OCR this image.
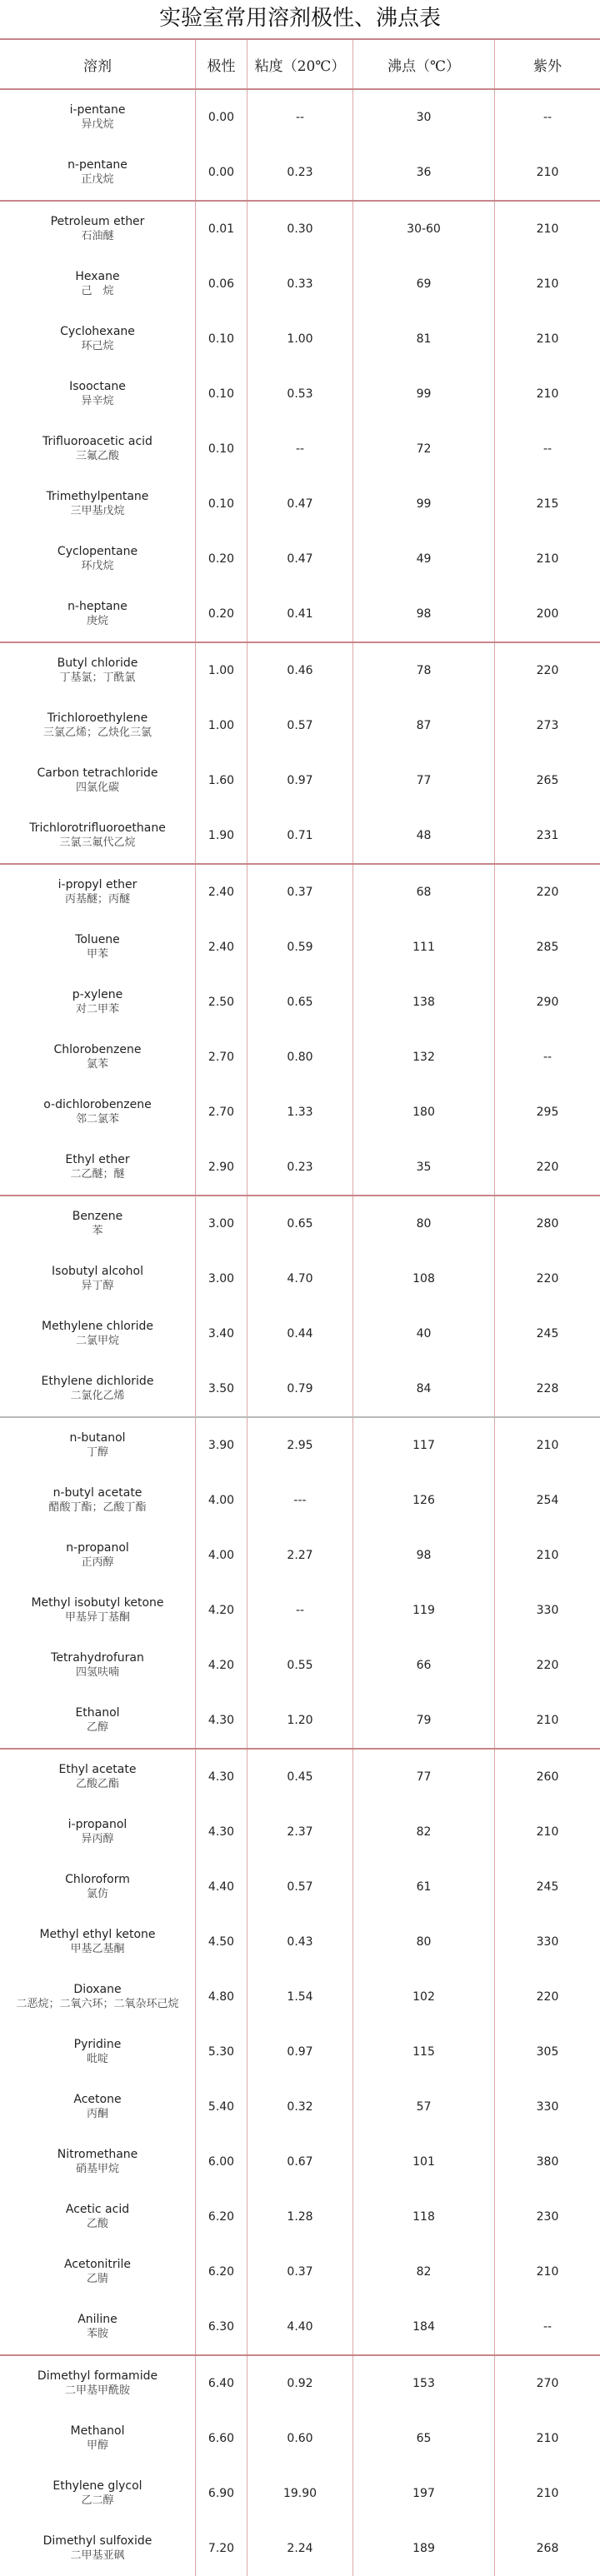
实验室常用溶剂极性、沸点表
溶剂	极性	粘度（20℃）	沸点（℃）	紫外
i-pentane
异戊烷
0.00	--	30	--
n-pentane
正戊烷
0.00	0.23	36	210
Petroleum ether
石油醚
0.01	0.30	30-60	210
Hexane
己　烷
0.06	0.33	69	210
Cyclohexane
环己烷
0.10	1.00	81	210
Isooctane
异辛烷
0.10	0.53	99	210
Trifluoroacetic acid
三氟乙酸
0.10	--	72	--
Trimethylpentane
三甲基戊烷
0.10	0.47	99	215
Cyclopentane
环戊烷
0.20	0.47	49	210
n-heptane
庚烷
0.20	0.41	98	200
Butyl chloride
丁基氯；丁酰氯
1.00	0.46	78	220
Trichloroethylene
三氯乙烯；乙炔化三氯
1.00	0.57	87	273
Carbon tetrachloride
四氯化碳
1.60	0.97	77	265
Trichlorotrifluoroethane
三氯三氟代乙烷
1.90	0.71	48	231
i-propyl ether
丙基醚；丙醚
2.40	0.37	68	220
Toluene
甲苯
2.40	0.59	111	285
p-xylene
对二甲苯
2.50	0.65	138	290
Chlorobenzene
氯苯
2.70	0.80	132	--
o-dichlorobenzene
邻二氯苯
2.70	1.33	180	295
Ethyl ether
二乙醚；醚
2.90	0.23	35	220
Benzene
苯
3.00	0.65	80	280
Isobutyl alcohol
异丁醇
3.00	4.70	108	220
Methylene chloride
二氯甲烷
3.40	0.44	40	245
Ethylene dichloride
二氯化乙烯
3.50	0.79	84	228
n-butanol
丁醇
3.90	2.95	117	210
n-butyl acetate
醋酸丁酯；乙酸丁酯
4.00	---	126	254
n-propanol
正丙醇
4.00	2.27	98	210
Methyl isobutyl ketone
甲基异丁基酮
4.20	--	119	330
Tetrahydrofuran
四氢呋喃
4.20	0.55	66	220
Ethanol
乙醇
4.30	1.20	79	210
Ethyl acetate
乙酸乙酯
4.30	0.45	77	260
i-propanol
异丙醇
4.30	2.37	82	210
Chloroform
氯仿
4.40	0.57	61	245
Methyl ethyl ketone
甲基乙基酮
4.50	0.43	80	330
Dioxane
二恶烷；二氧六环；二氧杂环己烷
4.80	1.54	102	220
Pyridine
吡啶
5.30	0.97	115	305
Acetone
丙酮
5.40	0.32	57	330
Nitromethane
硝基甲烷
6.00	0.67	101	380
Acetic acid
乙酸
6.20	1.28	118	230
Acetonitrile
乙腈
6.20	0.37	82	210
Aniline
苯胺
6.30	4.40	184	--
Dimethyl formamide
二甲基甲酰胺
6.40	0.92	153	270
Methanol
甲醇
6.60	0.60	65	210
Ethylene glycol
乙二醇
6.90	19.90	197	210
Dimethyl sulfoxide
二甲基亚砜
7.20	2.24	189	268
